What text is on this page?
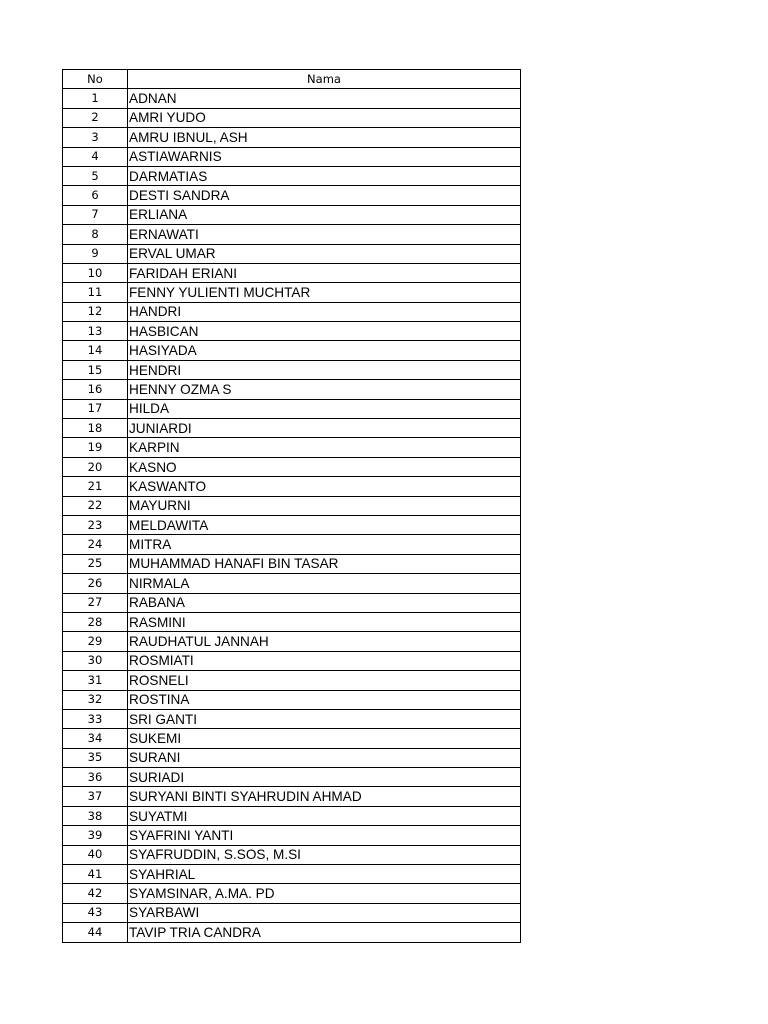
No	Nama
1	ADNAN
2	AMRI YUDO
3	AMRU IBNUL, ASH
4	ASTIAWARNIS
5	DARMATIAS
6	DESTI SANDRA
7	ERLIANA
8	ERNAWATI
9	ERVAL UMAR
10	FARIDAH ERIANI
11	FENNY YULIENTI MUCHTAR
12	HANDRI
13	HASBICAN
14	HASIYADA
15	HENDRI
16	HENNY OZMA S
17	HILDA
18	JUNIARDI
19	KARPIN
20	KASNO
21	KASWANTO
22	MAYURNI
23	MELDAWITA
24	MITRA
25	MUHAMMAD HANAFI BIN TASAR
26	NIRMALA
27	RABANA
28	RASMINI
29	RAUDHATUL JANNAH
30	ROSMIATI
31	ROSNELI
32	ROSTINA
33	SRI GANTI
34	SUKEMI
35	SURANI
36	SURIADI
37	SURYANI BINTI SYAHRUDIN AHMAD
38	SUYATMI
39	SYAFRINI YANTI
40	SYAFRUDDIN, S.SOS, M.SI
41	SYAHRIAL
42	SYAMSINAR, A.MA. PD
43	SYARBAWI
44	TAVIP TRIA CANDRA
